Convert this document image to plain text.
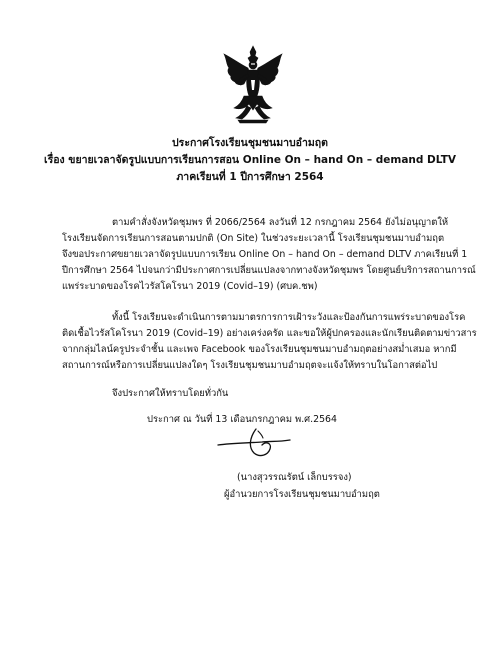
ประกาศโรงเรียนชุมชนมาบอำมฤต
เรื่อง ขยายเวลาจัดรูปแบบการเรียนการสอน Online On – hand On – demand DLTV
ภาคเรียนที่ 1 ปีการศึกษา 2564
ตามคำสั่งจังหวัดชุมพร ที่ 2066/2564 ลงวันที่ 12 กรกฎาคม 2564 ยังไม่อนุญาตให้
โรงเรียนจัดการเรียนการสอนตามปกติ (On Site) ในช่วงระยะเวลานี้ โรงเรียนชุมชนมาบอำมฤต
จึงขอประกาศขยายเวลาจัดรูปแบบการเรียน Online On – hand On – demand DLTV ภาคเรียนที่ 1
ปีการศึกษา 2564 ไปจนกว่ามีประกาศการเปลี่ยนแปลงจากทางจังหวัดชุมพร โดยศูนย์บริการสถานการณ์
แพร่ระบาดของโรคไวรัสโคโรนา 2019 (Covid–19) (ศบค.ชพ)
ทั้งนี้ โรงเรียนจะดำเนินการตามมาตรการการเฝ้าระวังและป้องกันการแพร่ระบาดของโรค
ติดเชื้อไวรัสโคโรนา 2019 (Covid–19) อย่างเคร่งครัด และขอให้ผู้ปกครองและนักเรียนติดตามข่าวสาร
จากกลุ่มไลน์ครูประจำชั้น และเพจ Facebook ของโรงเรียนชุมชนมาบอำมฤตอย่างสม่ำเสมอ หากมี
สถานการณ์หรือการเปลี่ยนแปลงใดๆ โรงเรียนชุมชนมาบอำมฤตจะแจ้งให้ทราบในโอกาสต่อไป
จึงประกาศให้ทราบโดยทั่วกัน
ประกาศ ณ วันที่ 13 เดือนกรกฎาคม พ.ศ.2564
(นางสุวรรณรัตน์ เล็กบรรจง)
ผู้อำนวยการโรงเรียนชุมชนมาบอำมฤต
